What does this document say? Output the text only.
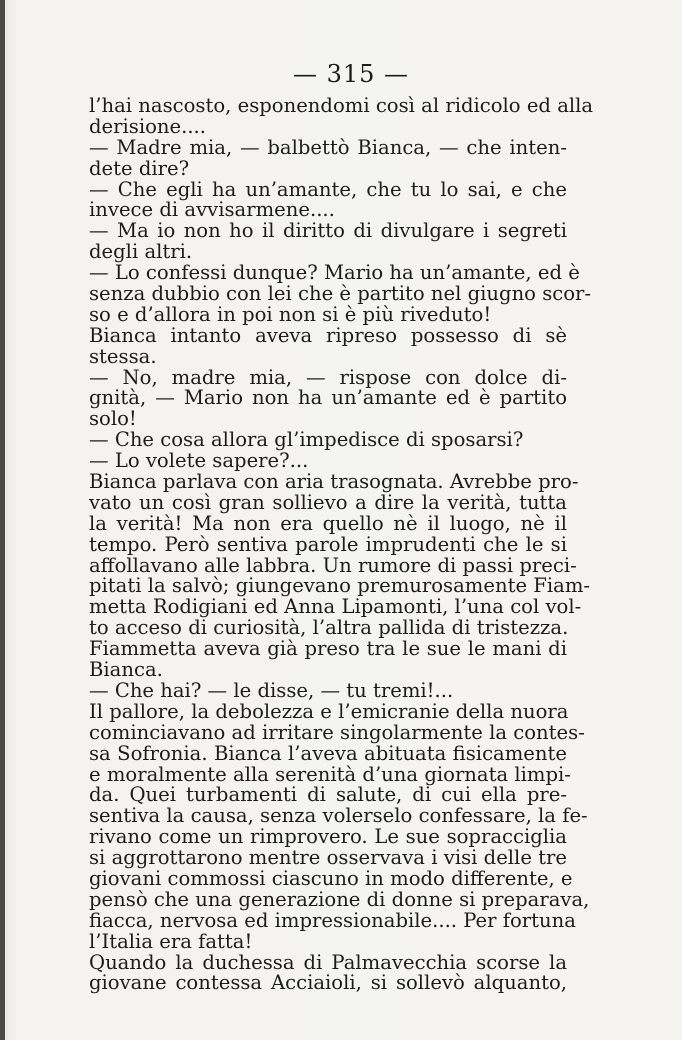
— 315 —
l’hai nascosto, esponendomi così al ridicolo ed alla
derisione....
— Madre mia, — balbettò Bianca, — che inten-
dete dire?
— Che egli ha un’amante, che tu lo sai, e che
invece di avvisarmene....
— Ma io non ho il diritto di divulgare i segreti
degli altri.
— Lo confessi dunque? Mario ha un’amante, ed è
senza dubbio con lei che è partito nel giugno scor-
so e d’allora in poi non si è più riveduto!
Bianca intanto aveva ripreso possesso di sè
stessa.
— No, madre mia, — rispose con dolce di-
gnità, — Mario non ha un’amante ed è partito
solo!
— Che cosa allora gl’impedisce di sposarsi?
— Lo volete sapere?...
Bianca parlava con aria trasognata. Avrebbe pro-
vato un così gran sollievo a dire la verità, tutta
la verità! Ma non era quello nè il luogo, nè il
tempo. Però sentiva parole imprudenti che le si
affollavano alle labbra. Un rumore di passi preci-
pitati la salvò; giungevano premurosamente Fiam-
metta Rodigiani ed Anna Lipamonti, l’una col vol-
to acceso di curiosità, l’altra pallida di tristezza.
Fiammetta aveva già preso tra le sue le mani di
Bianca.
— Che hai? — le disse, — tu tremi!...
Il pallore, la debolezza e l’emicranie della nuora
cominciavano ad irritare singolarmente la contes-
sa Sofronia. Bianca l’aveva abituata fisicamente
e moralmente alla serenità d’una giornata limpi-
da. Quei turbamenti di salute, di cui ella pre-
sentiva la causa, senza volerselo confessare, la fe-
rivano come un rimprovero. Le sue sopracciglia
si aggrottarono mentre osservava i visi delle tre
giovani commossi ciascuno in modo differente, e
pensò che una generazione di donne si preparava,
fiacca, nervosa ed impressionabile.... Per fortuna
l’Italia era fatta!
Quando la duchessa di Palmavecchia scorse la
giovane contessa Acciaioli, si sollevò alquanto,
